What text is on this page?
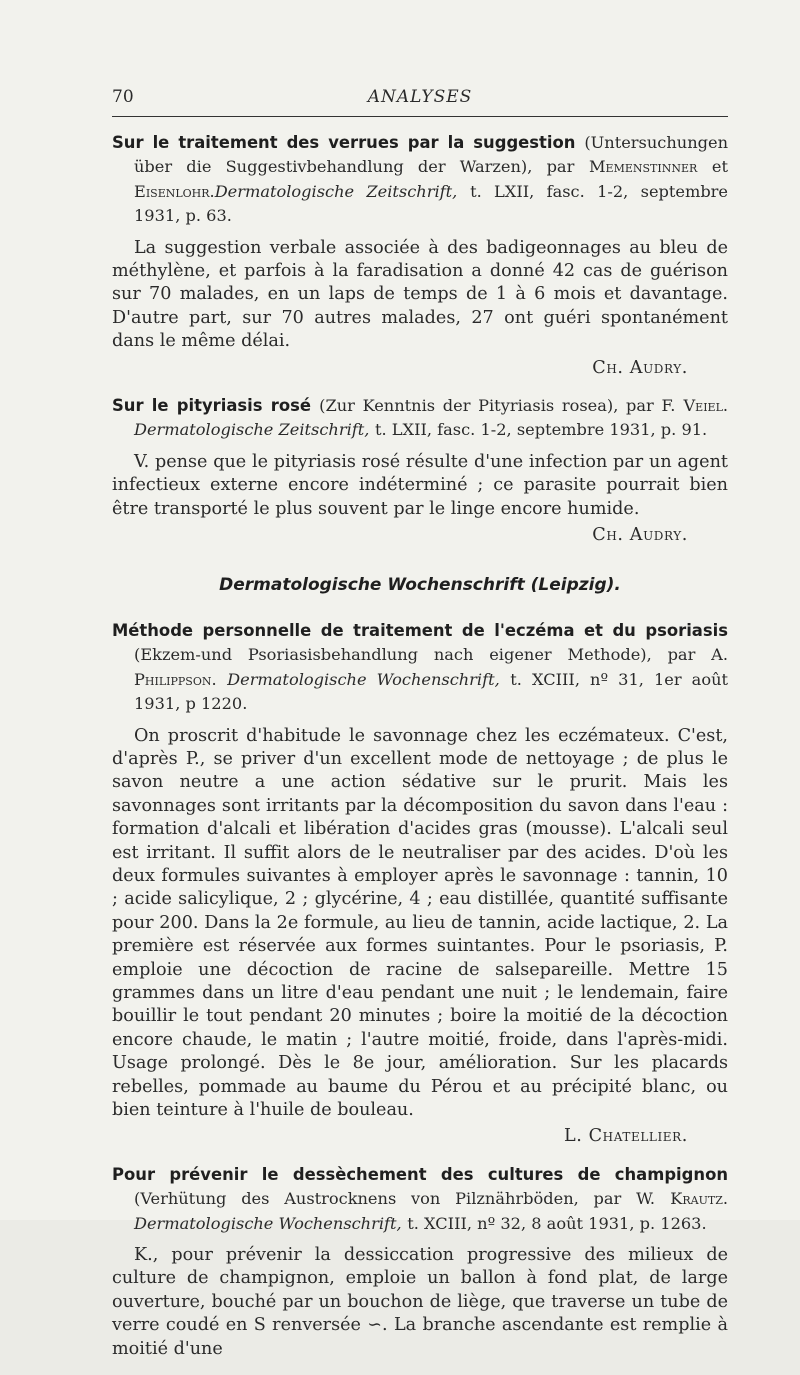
70	ANALYSES

Sur le traitement des verrues par la suggestion (Untersuchungen über die Suggestivbehandlung der Warzen), par Memenstinner et Eisenlohr.Dermatologische Zeitschrift, t. LXII, fasc. 1-2, septembre 1931, p. 63.

La suggestion verbale associée à des badigeonnages au bleu de méthylène, et parfois à la faradisation a donné 42 cas de guérison sur 70 malades, en un laps de temps de 1 à 6 mois et davantage. D'autre part, sur 70 autres malades, 27 ont guéri spontanément dans le même délai.

Ch. Audry.

Sur le pityriasis rosé (Zur Kenntnis der Pityriasis rosea), par F. Veiel. Dermatologische Zeitschrift, t. LXII, fasc. 1-2, septembre 1931, p. 91.

V. pense que le pityriasis rosé résulte d'une infection par un agent infectieux externe encore indéterminé ; ce parasite pourrait bien être transporté le plus souvent par le linge encore humide.

Ch. Audry.
Dermatologische Wochenschrift (Leipzig).

Méthode personnelle de traitement de l'eczéma et du psoriasis (Ekzem-und Psoriasisbehandlung nach eigener Methode), par A. Philippson. Dermatologische Wochenschrift, t. XCIII, nº 31, 1er août 1931, p 1220.

On proscrit d'habitude le savonnage chez les eczémateux. C'est, d'après P., se priver d'un excellent mode de nettoyage ; de plus le savon neutre a une action sédative sur le prurit. Mais les savonnages sont irritants par la décomposition du savon dans l'eau : formation d'alcali et libération d'acides gras (mousse). L'alcali seul est irritant. Il suffit alors de le neutraliser par des acides. D'où les deux formules suivantes à employer après le savonnage : tannin, 10 ; acide salicylique, 2 ; glycérine, 4 ; eau distillée, quantité suffisante pour 200. Dans la 2e formule, au lieu de tannin, acide lactique, 2. La première est réservée aux formes suintantes. Pour le psoriasis, P. emploie une décoction de racine de salsepareille. Mettre 15 grammes dans un litre d'eau pendant une nuit ; le lendemain, faire bouillir le tout pendant 20 minutes ; boire la moitié de la décoction encore chaude, le matin ; l'autre moitié, froide, dans l'après-midi. Usage prolongé. Dès le 8e jour, amélioration. Sur les placards rebelles, pommade au baume du Pérou et au précipité blanc, ou bien teinture à l'huile de bouleau.

L. Chatellier.

Pour prévenir le dessèchement des cultures de champignon (Verhütung des Austrocknens von Pilznährböden, par W. Krautz. Dermatologische Wochenschrift, t. XCIII, nº 32, 8 août 1931, p. 1263.

K., pour prévenir la dessiccation progressive des milieux de culture de champignon, emploie un ballon à fond plat, de large ouverture, bouché par un bouchon de liège, que traverse un tube de verre coudé en S renversée ∽. La branche ascendante est remplie à moitié d'une
